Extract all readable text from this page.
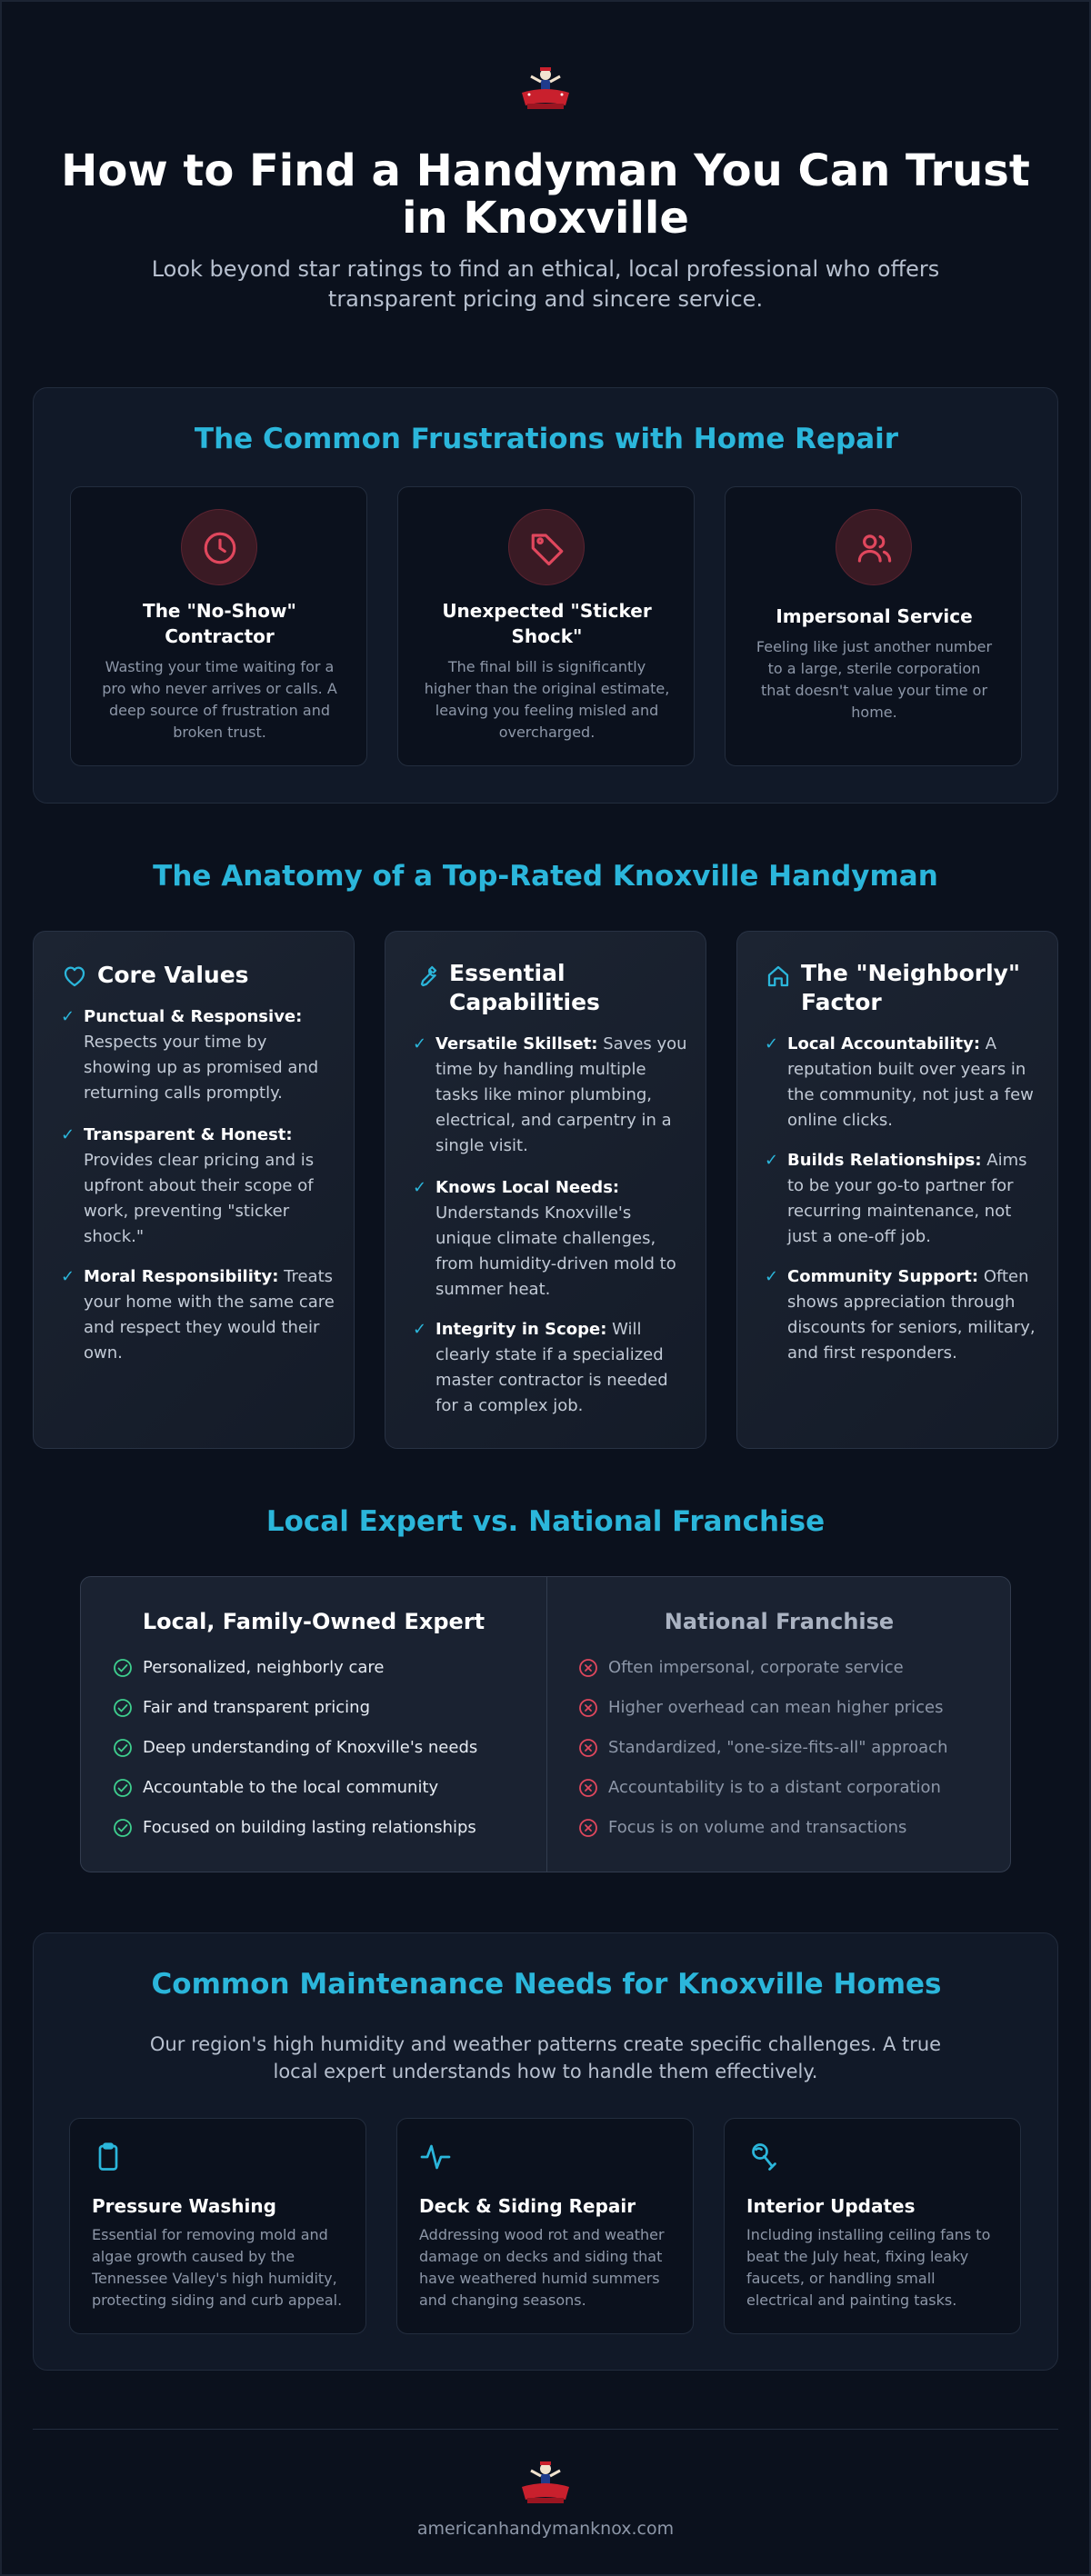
How to Find a Handyman You Can Trust in Knoxville

Look beyond star ratings to find an ethical, local professional who offers transparent pricing and sincere service.

The Common Frustrations with Home Repair
The "No-Show" Contractor
Wasting your time waiting for a pro who never arrives or calls. A deep source of frustration and broken trust.
Unexpected "Sticker Shock"
The final bill is significantly higher than the original estimate, leaving you feeling misled and overcharged.
Impersonal Service
Feeling like just another number to a large, sterile corporation that doesn't value your time or home.
The Anatomy of a Top-Rated Knoxville Handyman
Core Values
✓ Punctual & Responsive: Respects your time by showing up as promised and returning calls promptly.
✓ Transparent & Honest: Provides clear pricing and is upfront about their scope of work, preventing "sticker shock."
✓ Moral Responsibility: Treats your home with the same care and respect they would their own.
Essential Capabilities
✓ Versatile Skillset: Saves you time by handling multiple tasks like minor plumbing, electrical, and carpentry in a single visit.
✓ Knows Local Needs: Understands Knoxville's unique climate challenges, from humidity-driven mold to summer heat.
✓ Integrity in Scope: Will clearly state if a specialized master contractor is needed for a complex job.
The "Neighborly" Factor
✓ Local Accountability: A reputation built over years in the community, not just a few online clicks.
✓ Builds Relationships: Aims to be your go-to partner for recurring maintenance, not just a one-off job.
✓ Community Support: Often shows appreciation through discounts for seniors, military, and first responders.
Local Expert vs. National Franchise
Local, Family-Owned Expert	National Franchise
Personalized, neighborly care
Fair and transparent pricing
Deep understanding of Knoxville's needs
Accountable to the local community
Focused on building lasting relationships
Often impersonal, corporate service
Higher overhead can mean higher prices
Standardized, "one-size-fits-all" approach
Accountability is to a distant corporation
Focus is on volume and transactions
Common Maintenance Needs for Knoxville Homes

Our region's high humidity and weather patterns create specific challenges. A true local expert understands how to handle them effectively.

Pressure Washing
Essential for removing mold and algae growth caused by the Tennessee Valley's high humidity, protecting siding and curb appeal.
Deck & Siding Repair
Addressing wood rot and weather damage on decks and siding that have weathered humid summers and changing seasons.
Interior Updates
Including installing ceiling fans to beat the July heat, fixing leaky faucets, or handling small electrical and painting tasks.
americanhandymanknox.com
